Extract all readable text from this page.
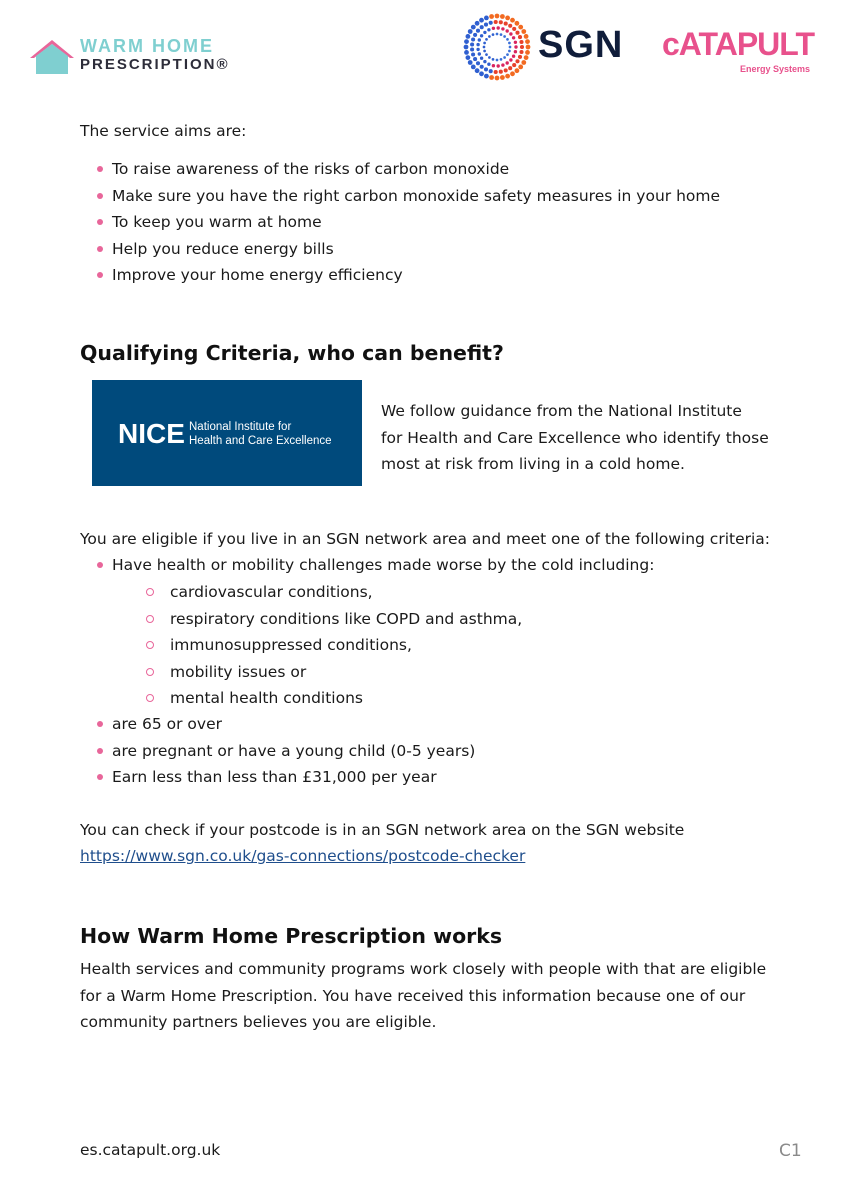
WARM HOME
PRESCRIPTION®	SGN cATAPULT
Energy Systems
The service aims are:
To raise awareness of the risks of carbon monoxide
Make sure you have the right carbon monoxide safety measures in your home
To keep you warm at home
Help you reduce energy bills
Improve your home energy efficiency
Qualifying Criteria, who can benefit?
NICE National Institute for
Health and Care Excellence
We follow guidance from the National Institute
for Health and Care Excellence who identify those
most at risk from living in a cold home.
You are eligible if you live in an SGN network area and meet one of the following criteria:
Have health or mobility challenges made worse by the cold including:
cardiovascular conditions,
respiratory conditions like COPD and asthma,
immunosuppressed conditions,
mobility issues or
mental health conditions
are 65 or over
are pregnant or have a young child (0-5 years)
Earn less than less than £31,000 per year
You can check if your postcode is in an SGN network area on the SGN website
https://www.sgn.co.uk/gas-connections/postcode-checker
How Warm Home Prescription works
Health services and community programs work closely with people with that are eligible
for a Warm Home Prescription. You have received this information because one of our
community partners believes you are eligible.
es.catapult.org.uk	C1
